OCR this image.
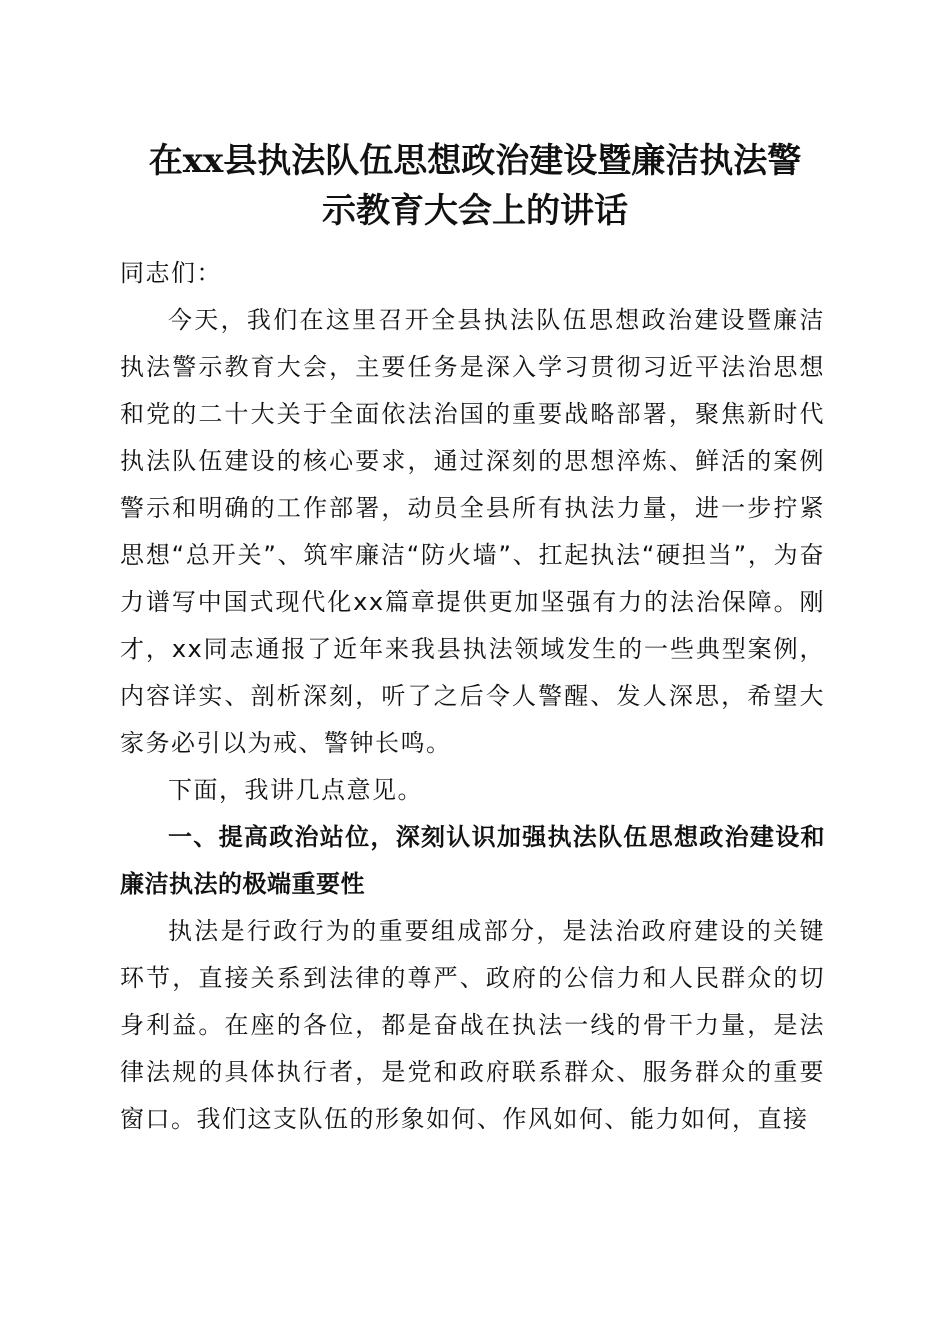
在xx县执法队伍思想政治建设暨廉洁执法警
示教育大会上的讲话

同志们：

今天，我们在这里召开全县执法队伍思想政治建设暨廉洁执法警示教育大会，主要任务是深入学习贯彻习近平法治思想和党的二十大关于全面依法治国的重要战略部署，聚焦新时代执法队伍建设的核心要求，通过深刻的思想淬炼、鲜活的案例警示和明确的工作部署，动员全县所有执法力量，进一步拧紧思想“总开关”、筑牢廉洁“防火墙”、扛起执法“硬担当”，为奋力谱写中国式现代化xx篇章提供更加坚强有力的法治保障。刚才，xx同志通报了近年来我县执法领域发生的一些典型案例，内容详实、剖析深刻，听了之后令人警醒、发人深思，希望大家务必引以为戒、警钟长鸣。

下面，我讲几点意见。

一、提高政治站位，深刻认识加强执法队伍思想政治建设和廉洁执法的极端重要性

执法是行政行为的重要组成部分，是法治政府建设的关键环节，直接关系到法律的尊严、政府的公信力和人民群众的切身利益。在座的各位，都是奋战在执法一线的骨干力量，是法律法规的具体执行者，是党和政府联系群众、服务群众的重要窗口。我们这支队伍的形象如何、作风如何、能力如何，直接
